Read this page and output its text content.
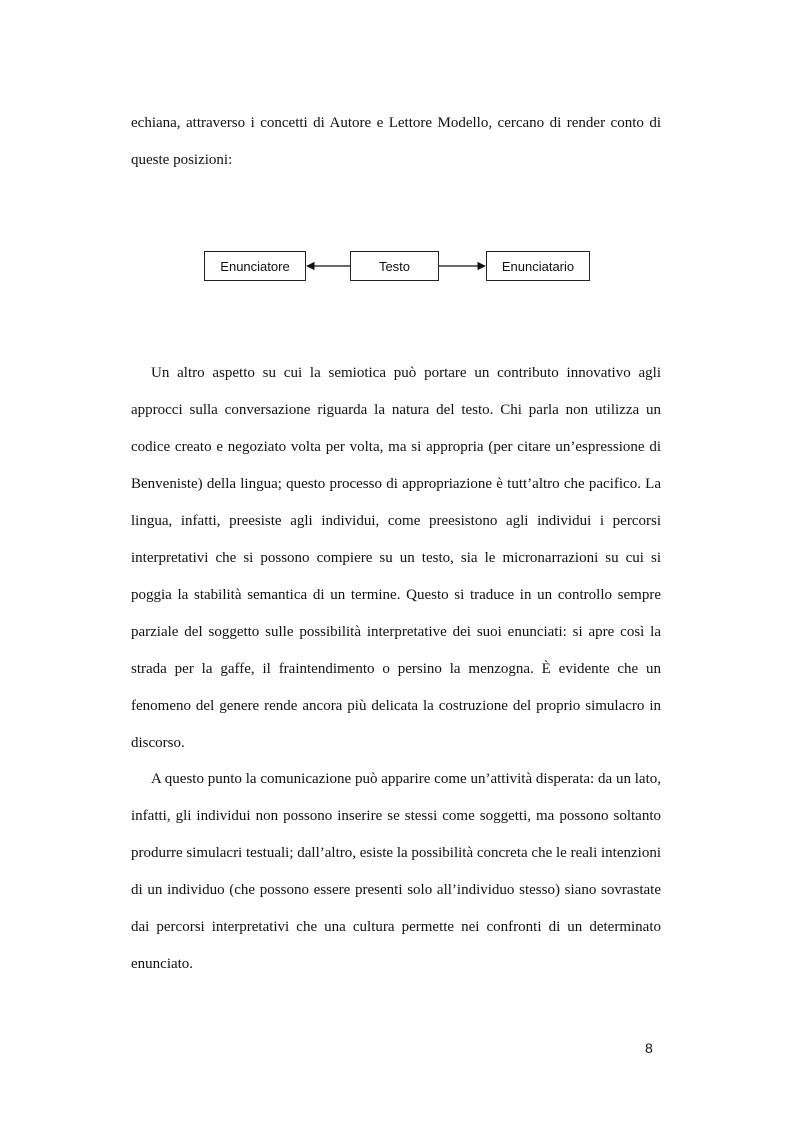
echiana, attraverso i concetti di Autore e Lettore Modello, cercano di render conto di queste posizioni:

Enunciatore	Testo	Enunciatario

Un altro aspetto su cui la semiotica può portare un contributo innovativo agli approcci sulla conversazione riguarda la natura del testo. Chi parla non utilizza un codice creato e negoziato volta per volta, ma si appropria (per citare un’espressione di Benveniste) della lingua; questo processo di appropriazione è tutt’altro che pacifico. La lingua, infatti, preesiste agli individui, come preesistono agli individui i percorsi interpretativi che si possono compiere su un testo, sia le micronarrazioni su cui si poggia la stabilità semantica di un termine. Questo si traduce in un controllo sempre parziale del soggetto sulle possibilità interpretative dei suoi enunciati: si apre così la strada per la gaffe, il fraintendimento o persino la menzogna. È evidente che un fenomeno del genere rende ancora più delicata la costruzione del proprio simulacro in discorso.

A questo punto la comunicazione può apparire come un’attività disperata: da un lato, infatti, gli individui non possono inserire se stessi come soggetti, ma possono soltanto produrre simulacri testuali; dall’altro, esiste la possibilità concreta che le reali intenzioni di un individuo (che possono essere presenti solo all’individuo stesso) siano sovrastate dai percorsi interpretativi che una cultura permette nei confronti di un determinato enunciato.

8
